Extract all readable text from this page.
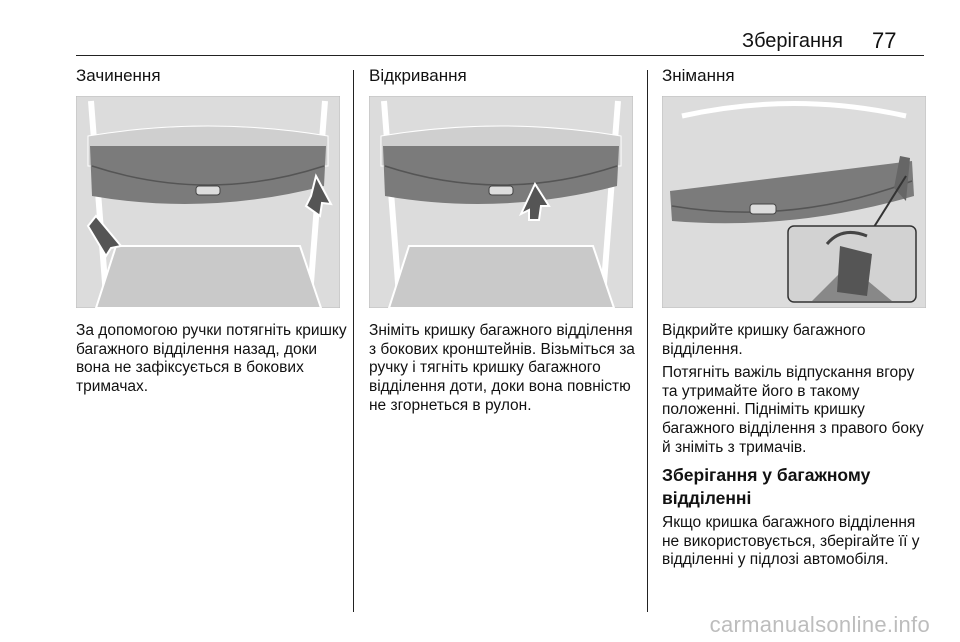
Зберігання 77
Зачинення

За допомогою ручки потягніть кришку багажного відділення назад, доки вона не зафіксується в бокових тримачах.

Відкривання

Зніміть кришку багажного відділення з бокових кронштейнів. Візьміться за ручку і тягніть кришку багажного відділення доти, доки вона повністю не згорнеться в рулон.

Знімання

Відкрийте кришку багажного відділення.

Потягніть важіль відпускання вгору та утримайте його в такому положенні. Підніміть кришку багажного відділення з правого боку й зніміть з тримачів.

Зберігання у багажному відділенні

Якщо кришка багажного відділення не використовується, зберігайте її у відділенні у підлозі автомобіля.

carmanualsonline.info
